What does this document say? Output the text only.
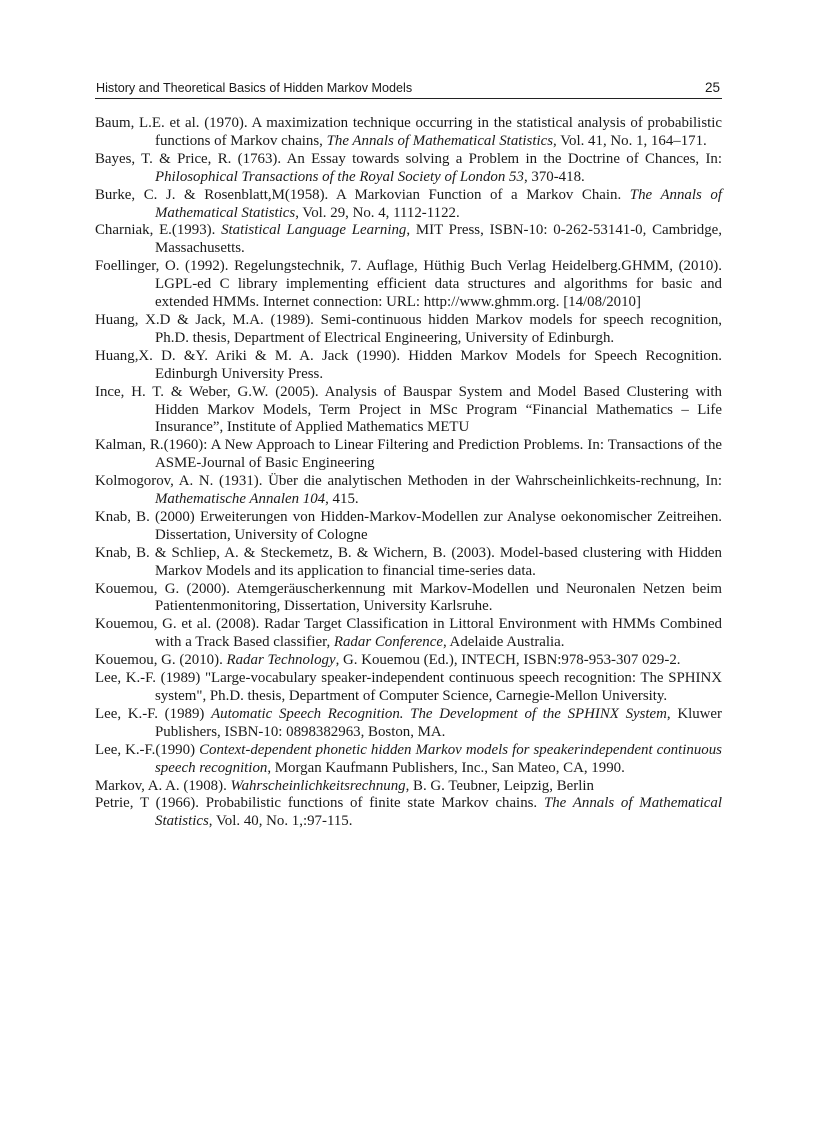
History and Theoretical Basics of Hidden Markov Models	25
Baum, L.E. et al. (1970). A maximization technique occurring in the statistical analysis of probabilistic functions of Markov chains, The Annals of Mathematical Statistics, Vol. 41, No. 1, 164–171.
Bayes, T. & Price, R. (1763). An Essay towards solving a Problem in the Doctrine of Chances, In: Philosophical Transactions of the Royal Society of London 53, 370-418.
Burke, C. J. & Rosenblatt,M(1958). A Markovian Function of a Markov Chain. The Annals of Mathematical Statistics, Vol. 29, No. 4, 1112-1122.
Charniak, E.(1993). Statistical Language Learning, MIT Press, ISBN-10: 0-262-53141-0, Cambridge, Massachusetts.
Foellinger, O. (1992). Regelungstechnik, 7. Auflage, Hüthig Buch Verlag Heidelberg.GHMM, (2010). LGPL-ed C library implementing efficient data structures and algorithms for basic and extended HMMs. Internet connection: URL: http://www.ghmm.org. [14/08/2010]
Huang, X.D & Jack, M.A. (1989). Semi-continuous hidden Markov models for speech recognition, Ph.D. thesis, Department of Electrical Engineering, University of Edinburgh.
Huang,X. D. &Y. Ariki & M. A. Jack (1990). Hidden Markov Models for Speech Recognition. Edinburgh University Press.
Ince, H. T. & Weber, G.W. (2005). Analysis of Bauspar System and Model Based Clustering with Hidden Markov Models, Term Project in MSc Program “Financial Mathematics – Life Insurance”, Institute of Applied Mathematics METU
Kalman, R.(1960): A New Approach to Linear Filtering and Prediction Problems. In: Transactions of the ASME-Journal of Basic Engineering
Kolmogorov, A. N. (1931). Über die analytischen Methoden in der Wahrscheinlichkeits-rechnung, In: Mathematische Annalen 104, 415.
Knab, B. (2000) Erweiterungen von Hidden-Markov-Modellen zur Analyse oekonomischer Zeitreihen. Dissertation, University of Cologne
Knab, B. & Schliep, A. & Steckemetz, B. & Wichern, B. (2003). Model-based clustering with Hidden Markov Models and its application to financial time-series data.
Kouemou, G. (2000). Atemgeräuscherkennung mit Markov-Modellen und Neuronalen Netzen beim Patientenmonitoring, Dissertation, University Karlsruhe.
Kouemou, G. et al. (2008). Radar Target Classification in Littoral Environment with HMMs Combined with a Track Based classifier, Radar Conference, Adelaide Australia.
Kouemou, G. (2010). Radar Technology, G. Kouemou (Ed.), INTECH, ISBN:978-953-307 029-2.
Lee, K.-F. (1989) "Large-vocabulary speaker-independent continuous speech recognition: The SPHINX system", Ph.D. thesis, Department of Computer Science, Carnegie-Mellon University.
Lee, K.-F. (1989) Automatic Speech Recognition. The Development of the SPHINX System, Kluwer Publishers, ISBN-10: 0898382963, Boston, MA.
Lee, K.-F.(1990) Context-dependent phonetic hidden Markov models for speakerindependent continuous speech recognition, Morgan Kaufmann Publishers, Inc., San Mateo, CA, 1990.
Markov, A. A. (1908). Wahrscheinlichkeitsrechnung, B. G. Teubner, Leipzig, Berlin
Petrie, T (1966). Probabilistic functions of finite state Markov chains. The Annals of Mathematical Statistics, Vol. 40, No. 1,:97-115.
